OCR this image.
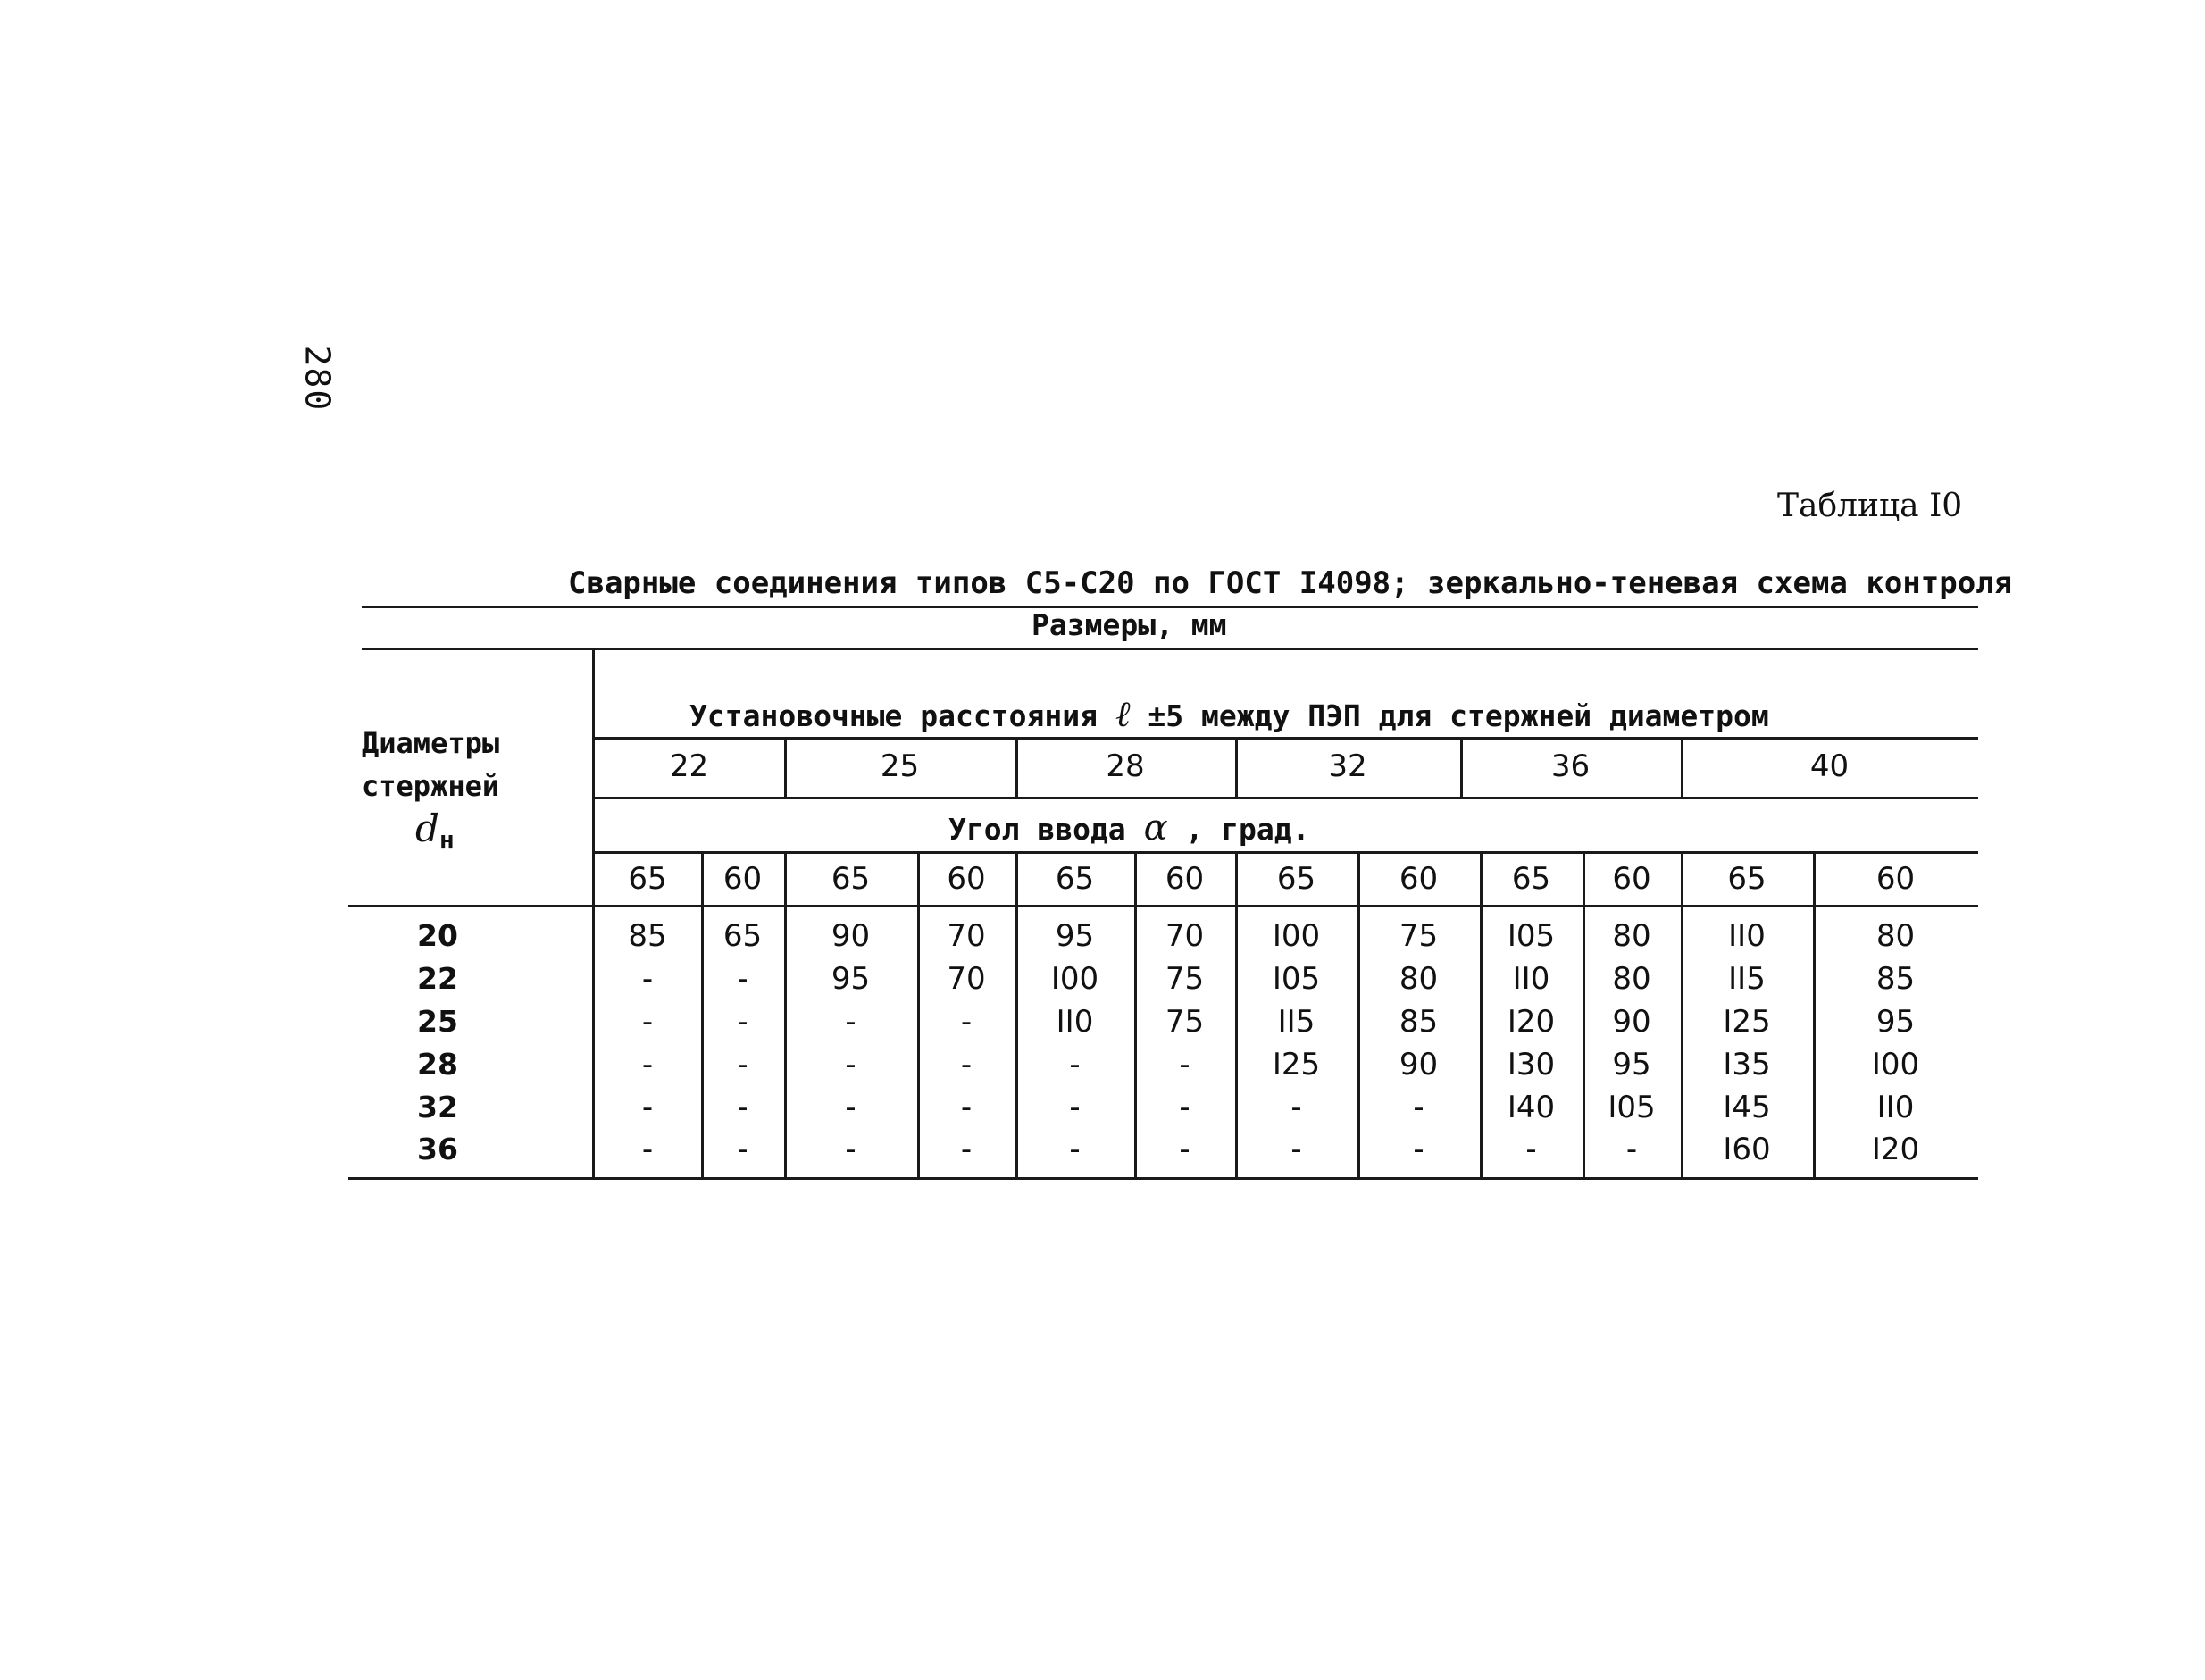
280
Таблица I0
Сварные соединения типов С5-С20 по ГОСТ I4098; зеркально-теневая схема контроля
Размеры, мм
Диаметры
стержней
dн
Установочные расстояния ℓ ±5 между ПЭП для стержней диаметром
22	25	28	32	36	40
Угол ввода α , град.
65	60	65	60	65	60	65	60	65	60	65	60
20	85	65	90	70	95	70	I00	75	I05	80	II0	80
22	-	-	95	70	I00	75	I05	80	II0	80	II5	85
25	-	-	-	-	II0	75	II5	85	I20	90	I25	95
28	-	-	-	-	-	-	I25	90	I30	95	I35	I00
32	-	-	-	-	-	-	-	-	I40	I05	I45	II0
36	-	-	-	-	-	-	-	-	-	-	I60	I20
